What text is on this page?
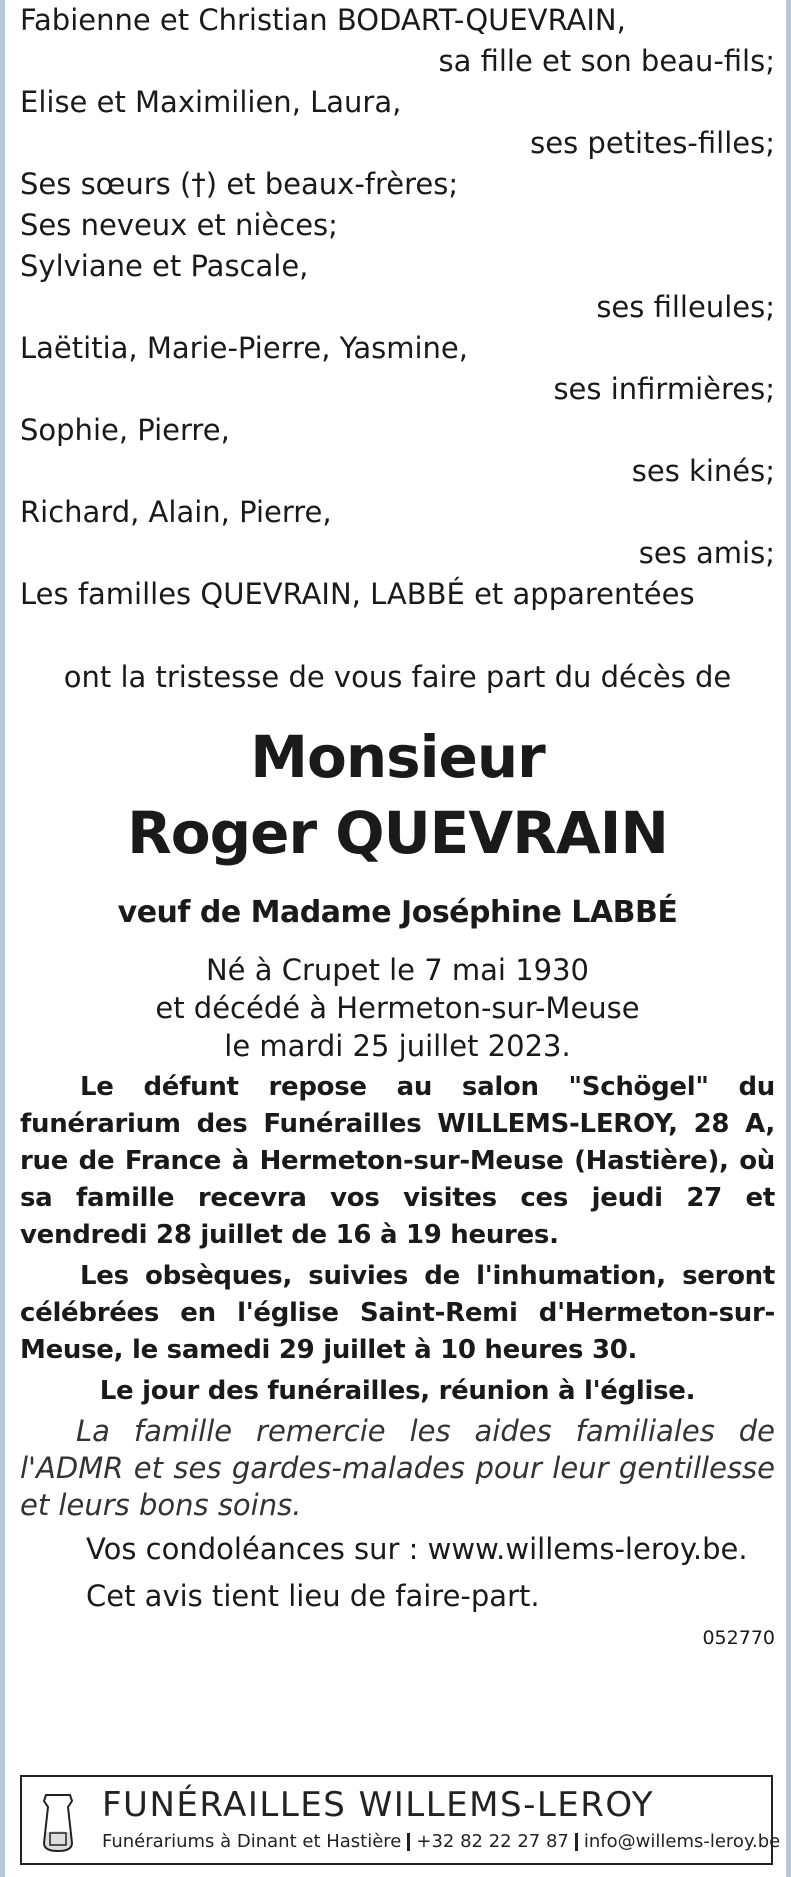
Fabienne et Christian BODART-QUEVRAIN,
sa fille et son beau-fils;
Elise et Maximilien, Laura,
ses petites-filles;
Ses sœurs (†) et beaux-frères;
Ses neveux et nièces;
Sylviane et Pascale,
ses filleules;
Laëtitia, Marie-Pierre, Yasmine,
ses infirmières;
Sophie, Pierre,
ses kinés;
Richard, Alain, Pierre,
ses amis;
Les familles QUEVRAIN, LABBÉ et apparentées
ont la tristesse de vous faire part du décès de
Monsieur
Roger QUEVRAIN
veuf de Madame Joséphine LABBÉ
Né à Crupet le 7 mai 1930
et décédé à Hermeton-sur-Meuse
le mardi 25 juillet 2023.
Le défunt repose au salon "Schögel" du funérarium des Funérailles WILLEMS-LEROY, 28 A, rue de France à Hermeton-sur-Meuse (Hastière), où sa famille recevra vos visites ces jeudi 27 et vendredi 28 juillet de 16 à 19 heures.
Les obsèques, suivies de l'inhumation, seront célébrées en l'église Saint-Remi d'Hermeton-sur-Meuse, le samedi 29 juillet à 10 heures 30.
Le jour des funérailles, réunion à l'église.
La famille remercie les aides familiales de l'ADMR et ses gardes-malades pour leur gentillesse et leurs bons soins.
Vos condoléances sur : www.willems-leroy.be.
Cet avis tient lieu de faire-part.
052770
FUNÉRAILLES WILLEMS-LEROY
Funérariums à Dinant et Hastière +32 82 22 27 87 info@willems-leroy.be
